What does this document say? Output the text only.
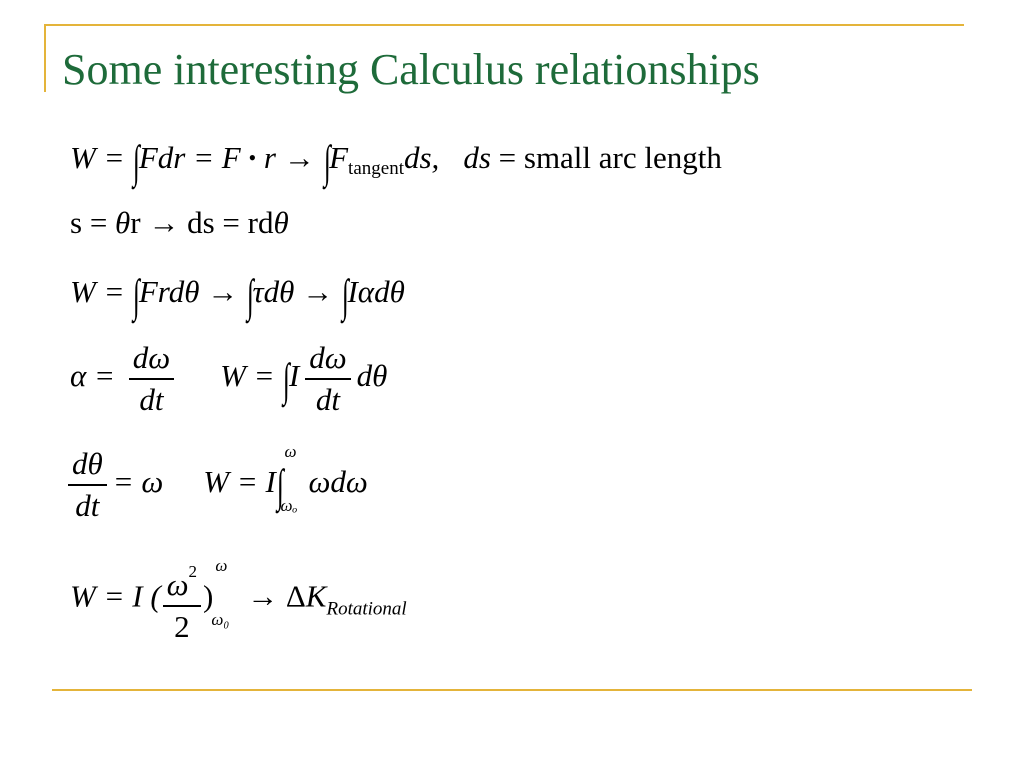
Some interesting Calculus relationships
W = ∫Fdr = F • $r \to \int F_{tangent}ds$, ds = small arc length
s = θr → ds = rdθ
W = ∫Frdθ → ∫τdθ → ∫Iαdθ
$\alpha = \frac{d\omega}{dt}$ $W = \int I \frac{d\omega}{dt}$ dθ
$\frac{d\theta}{dt} = \omega$ W = I∫
ω
ωₒ
ωdω
W = I ( $\frac{\omega^2}{2}$ )
ω
ω₀
→ $\Delta K_{Rotational}$
